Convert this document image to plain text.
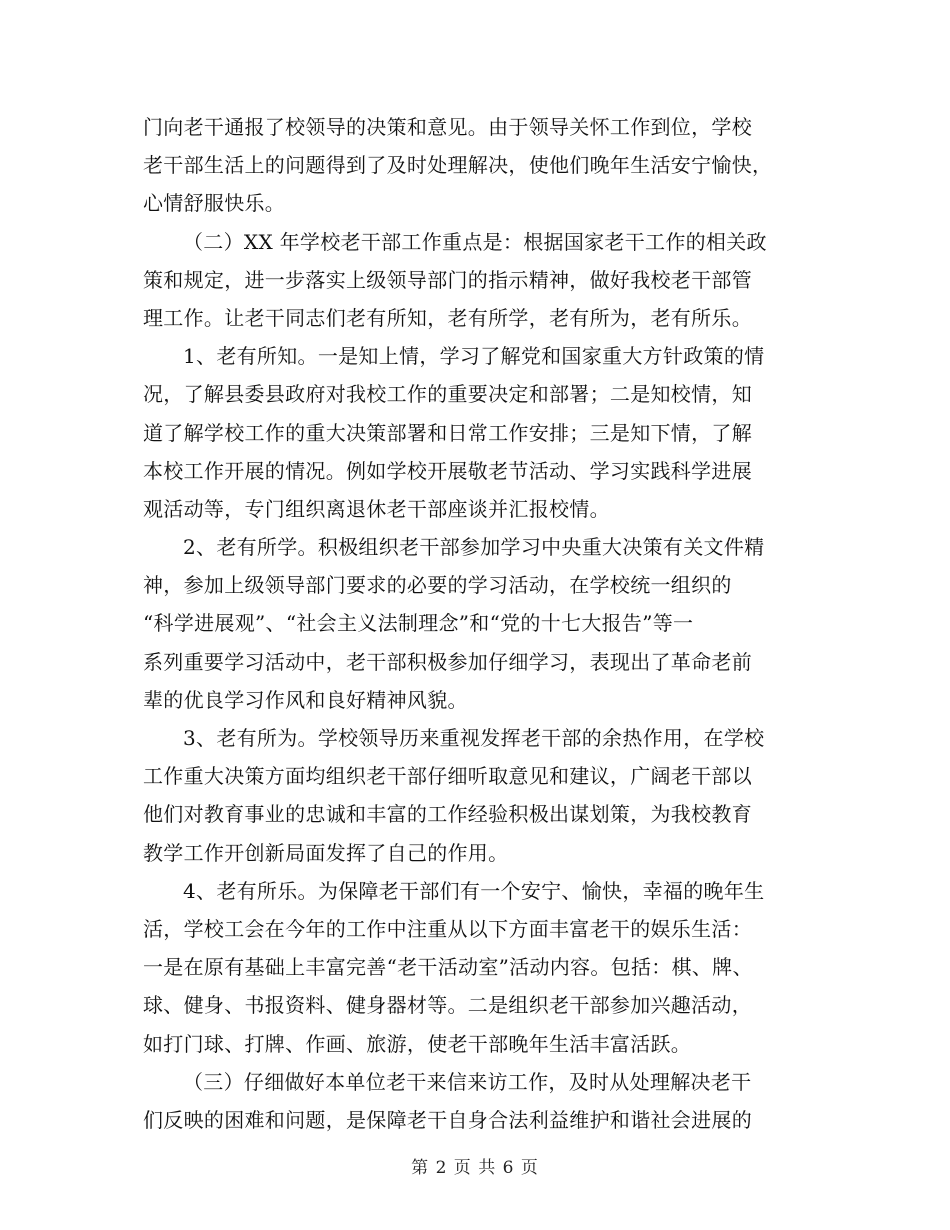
门向老干通报了校领导的决策和意见。由于领导关怀工作到位，学校
老干部生活上的问题得到了及时处理解决，使他们晚年生活安宁愉快，
心情舒服快乐。
（二）XX 年学校老干部工作重点是：根据国家老干工作的相关政
策和规定，进一步落实上级领导部门的指示精神，做好我校老干部管
理工作。让老干同志们老有所知，老有所学，老有所为，老有所乐。
1、老有所知。一是知上情，学习了解党和国家重大方针政策的情
况，了解县委县政府对我校工作的重要决定和部署；二是知校情，知
道了解学校工作的重大决策部署和日常工作安排；三是知下情，了解
本校工作开展的情况。例如学校开展敬老节活动、学习实践科学进展
观活动等，专门组织离退休老干部座谈并汇报校情。
2、老有所学。积极组织老干部参加学习中央重大决策有关文件精
神，参加上级领导部门要求的必要的学习活动，在学校统一组织的
“科学进展观”、“社会主义法制理念”和“党的十七大报告”等一
系列重要学习活动中，老干部积极参加仔细学习，表现出了革命老前
辈的优良学习作风和良好精神风貌。
3、老有所为。学校领导历来重视发挥老干部的余热作用，在学校
工作重大决策方面均组织老干部仔细听取意见和建议，广阔老干部以
他们对教育事业的忠诚和丰富的工作经验积极出谋划策，为我校教育
教学工作开创新局面发挥了自己的作用。
4、老有所乐。为保障老干部们有一个安宁、愉快，幸福的晚年生
活，学校工会在今年的工作中注重从以下方面丰富老干的娱乐生活：
一是在原有基础上丰富完善“老干活动室”活动内容。包括：棋、牌、
球、健身、书报资料、健身器材等。二是组织老干部参加兴趣活动，
如打门球、打牌、作画、旅游，使老干部晚年生活丰富活跃。
（三）仔细做好本单位老干来信来访工作，及时从处理解决老干
们反映的困难和问题，是保障老干自身合法利益维护和谐社会进展的
第 2 页 共 6 页
